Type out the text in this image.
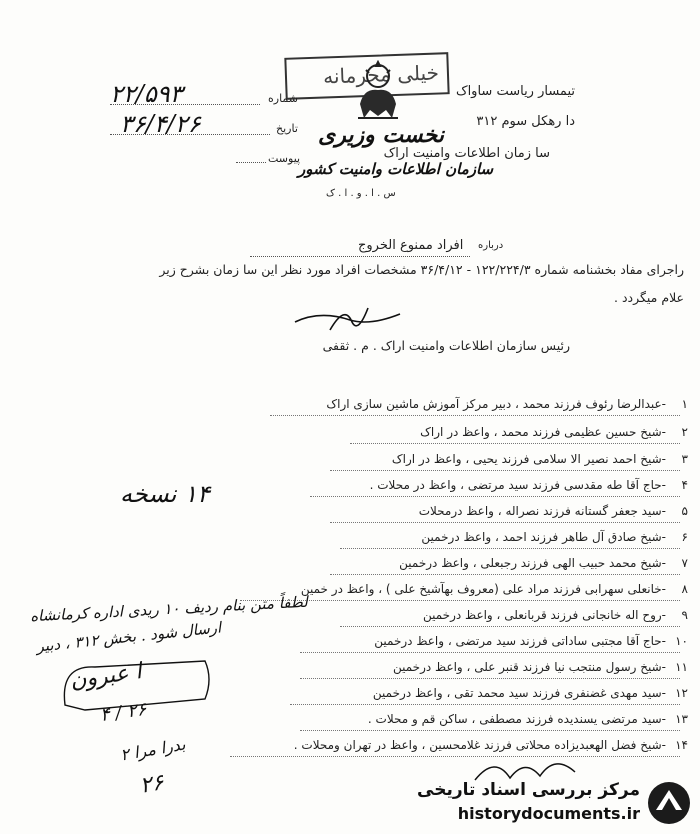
خیلی محرمانه
نخست وزیری
سازمان اطلاعات وامنیت کشور
س . ا . و . ا . ک
شماره
۲۲/۵۹۳
تاریخ
۳۶/۴/۲۶
پیوست
تیمسار ریاست ساواک
دا رهکل سوم ۳۱۲
سا زمان اطلاعات وامنیت اراک
درباره
افراد ممنوع الخروج
راجرای مفاد بخشنامه شماره ۱۲۲/۲۲۴/۳ - ۳۶/۴/۱۲ مشخصات افراد مورد نظر این سا زمان بشرح زیر
علام میگردد .
رئیس سازمان اطلاعات وامنیت اراک . م . ثقفی
۱-عبدالرضا رئوف فرزند محمد ، دبیر مرکز آموزش ماشین سازی اراک
۲-شیخ حسین عظیمی فرزند محمد ، واعظ در اراک
۳-شیخ احمد نصیر الا سلامی فرزند یحیی ، واعظ در اراک
۴-حاج آقا طه مقدسی فرزند سید مرتضی ، واعظ در محلات .
۵-سید جعفر گستانه فرزند نصراله ، واعظ درمحلات
۶-شیخ صادق آل طاهر فرزند احمد ، واعظ درخمین
۷-شیخ محمد حبیب الهی فرزند رجبعلی ، واعظ درخمین
۸-خانعلی سهرابی فرزند مراد علی (معروف بهآشیخ علی ) ، واعظ در خمین
۹-روح اله خانجانی فرزند قربانعلی ، واعظ درخمین
۱۰-حاج آقا مجتبی ساداتی فرزند سید مرتضی ، واعظ درخمین
۱۱-شیخ رسول منتجب نیا فرزند قنبر علی ، واعظ درخمین
۱۲-سید مهدی غضنفری فرزند سید محمد تقی ، واعظ درخمین
۱۳-سید مرتضی یسندیده فرزند مصطفی ، ساکن قم و محلات .
۱۴-شیخ فضل الهعبدیزاده محلاتی فرزند غلامحسین ، واعظ در تهران ومحلات .
۱۴ نسخه
لطفاً متن بنام ردیف ۱۰ ریدی اداره کرمانشاه
ارسال شود . بخش ۳۱۲ ، دبیر
ا عبرون
۲۶ / ۴
بدرا مرا ۲
۲۶	مرکز بررسی اسناد تاریخی
historydocuments.ir
